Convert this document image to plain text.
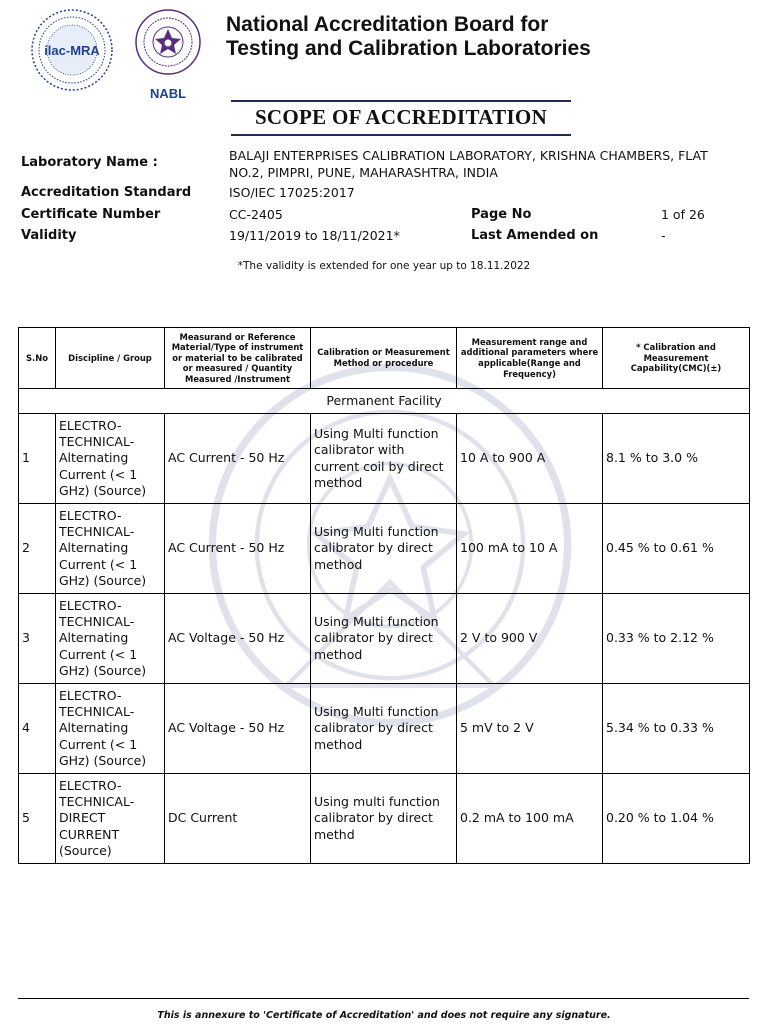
ilac-MRA
NABL
National Accreditation Board for
Testing and Calibration Laboratories
SCOPE OF ACCREDITATION
Laboratory Name :	BALAJI ENTERPRISES CALIBRATION LABORATORY, KRISHNA CHAMBERS, FLAT NO.2, PIMPRI, PUNE, MAHARASHTRA, INDIA
Accreditation Standard	ISO/IEC 17025:2017
Certificate Number	CC-2405	Page No	1 of 26
Validity	19/11/2019 to 18/11/2021*	Last Amended on	-
*The validity is extended for one year up to 18.11.2022
S.No	Discipline / Group	Measurand or Reference Material/Type of instrument or material to be calibrated or measured / Quantity Measured /Instrument	Calibration or Measurement Method or procedure	Measurement range and additional parameters where applicable(Range and Frequency)	* Calibration and Measurement Capability(CMC)(±)
Permanent Facility					
1	ELECTRO-TECHNICAL-Alternating Current (< 1 GHz) (Source)	AC Current - 50 Hz	Using Multi function calibrator with current coil by direct method	10 A to 900 A	8.1 % to 3.0 %
2	ELECTRO-TECHNICAL-Alternating Current (< 1 GHz) (Source)	AC Current - 50 Hz	Using Multi function calibrator by direct method	100 mA to 10 A	0.45 % to 0.61 %
3	ELECTRO-TECHNICAL-Alternating Current (< 1 GHz) (Source)	AC Voltage - 50 Hz	Using Multi function calibrator by direct method	2 V to 900 V	0.33 % to 2.12 %
4	ELECTRO-TECHNICAL-Alternating Current (< 1 GHz) (Source)	AC Voltage - 50 Hz	Using Multi function calibrator by direct method	5 mV to 2 V	5.34 % to 0.33 %
5	ELECTRO-TECHNICAL-DIRECT CURRENT (Source)	DC Current	Using multi function calibrator by direct methd	0.2 mA to 100 mA	0.20 % to 1.04 %
This is annexure to 'Certificate of Accreditation' and does not require any signature.
